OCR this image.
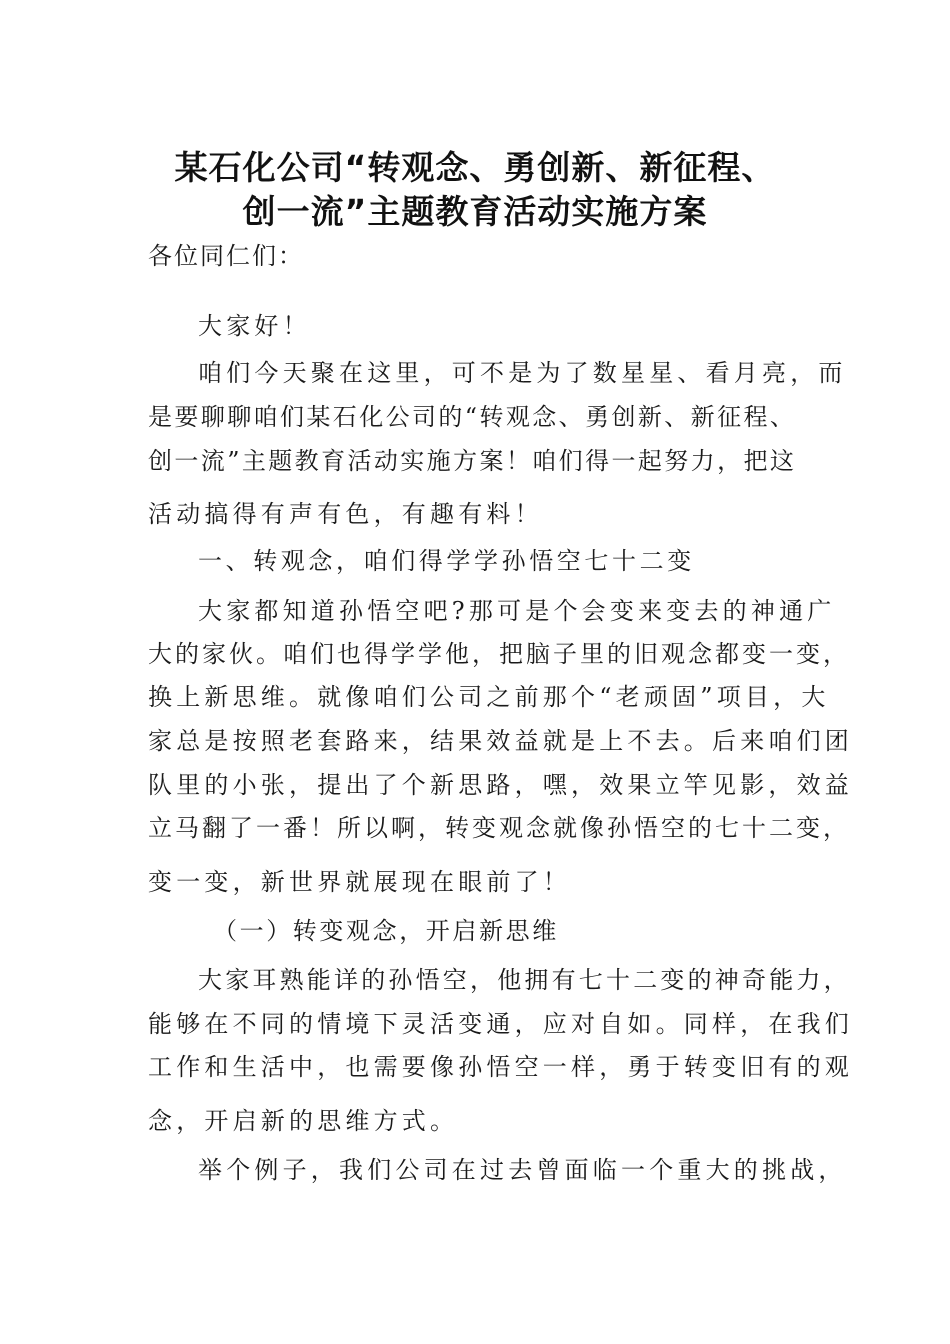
某石化公司“转观念、勇创新、新征程、
创一流”主题教育活动实施方案
各位同仁们：
大家好！
咱们今天聚在这里，可不是为了数星星、看月亮，而
是要聊聊咱们某石化公司的“转观念、勇创新、新征程、
创一流”主题教育活动实施方案！咱们得一起努力，把这
活动搞得有声有色，有趣有料！
一、转观念，咱们得学学孙悟空七十二变
大家都知道孙悟空吧?那可是个会变来变去的神通广
大的家伙。咱们也得学学他，把脑子里的旧观念都变一变，
换上新思维。就像咱们公司之前那个“老顽固”项目，大
家总是按照老套路来，结果效益就是上不去。后来咱们团
队里的小张，提出了个新思路，嘿，效果立竿见影，效益
立马翻了一番！所以啊，转变观念就像孙悟空的七十二变，
变一变，新世界就展现在眼前了！
（一）转变观念，开启新思维
大家耳熟能详的孙悟空，他拥有七十二变的神奇能力，
能够在不同的情境下灵活变通，应对自如。同样，在我们
工作和生活中，也需要像孙悟空一样，勇于转变旧有的观
念，开启新的思维方式。
举个例子，我们公司在过去曾面临一个重大的挑战，
